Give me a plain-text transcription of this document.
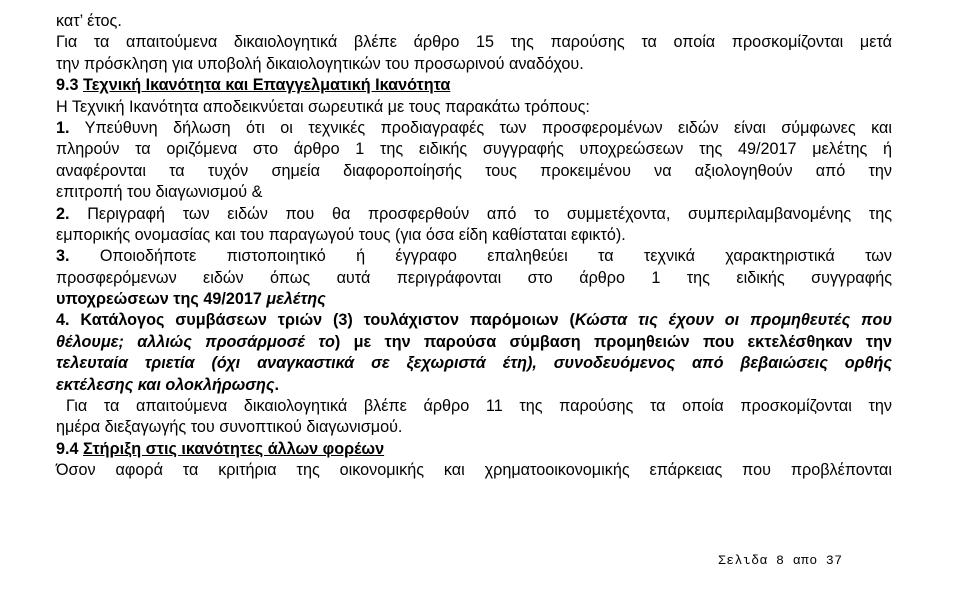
κατ’ έτος.
Για τα απαιτούμενα δικαιολογητικά βλέπε άρθρο 15 της παρούσης τα οποία προσκομίζονται μετά
την πρόσκληση για υποβολή δικαιολογητικών του προσωρινού αναδόχου.
9.3 Τεχνική Ικανότητα και Επαγγελματική Ικανότητα
Η Τεχνική Ικανότητα αποδεικνύεται σωρευτικά με τους παρακάτω τρόπους:
1. Υπεύθυνη δήλωση ότι οι τεχνικές προδιαγραφές των προσφερομένων ειδών είναι σύμφωνες και
πληρούν τα οριζόμενα στο άρθρο 1 της ειδικής συγγραφής υποχρεώσεων της 49/2017 μελέτης ή
αναφέρονται τα τυχόν σημεία διαφοροποίησής τους προκειμένου να αξιολογηθούν από την
επιτροπή του διαγωνισμού &
2. Περιγραφή των ειδών που θα προσφερθούν από το συμμετέχοντα, συμπεριλαμβανομένης της
εμπορικής ονομασίας και του παραγωγού τους (για όσα είδη καθίσταται εφικτό).
3. Οποιοδήποτε πιστοποιητικό ή έγγραφο επαληθεύει τα τεχνικά χαρακτηριστικά των
προσφερόμενων ειδών όπως αυτά περιγράφονται στο άρθρο 1 της ειδικής συγγραφής
υποχρεώσεων της 49/2017 μελέτης
4. Κατάλογος συμβάσεων τριών (3) τουλάχιστον παρόμοιων (Κώστα τις έχουν οι προμηθευτές που
θέλουμε; αλλιώς προσάρμοσέ το) με την παρούσα σύμβαση προμηθειών που εκτελέσθηκαν την
τελευταία τριετία (όχι αναγκαστικά σε ξεχωριστά έτη), συνοδευόμενος από βεβαιώσεις ορθής
εκτέλεσης και ολοκλήρωσης.
Για τα απαιτούμενα δικαιολογητικά βλέπε άρθρο 11 της παρούσης τα οποία προσκομίζονται την
ημέρα διεξαγωγής του συνοπτικού διαγωνισμού.
9.4 Στήριξη στις ικανότητες άλλων φορέων
Όσον αφορά τα κριτήρια της οικονομικής και χρηματοοικονομικής επάρκειας που προβλέπονται
Σελιδα 8 απο 37
